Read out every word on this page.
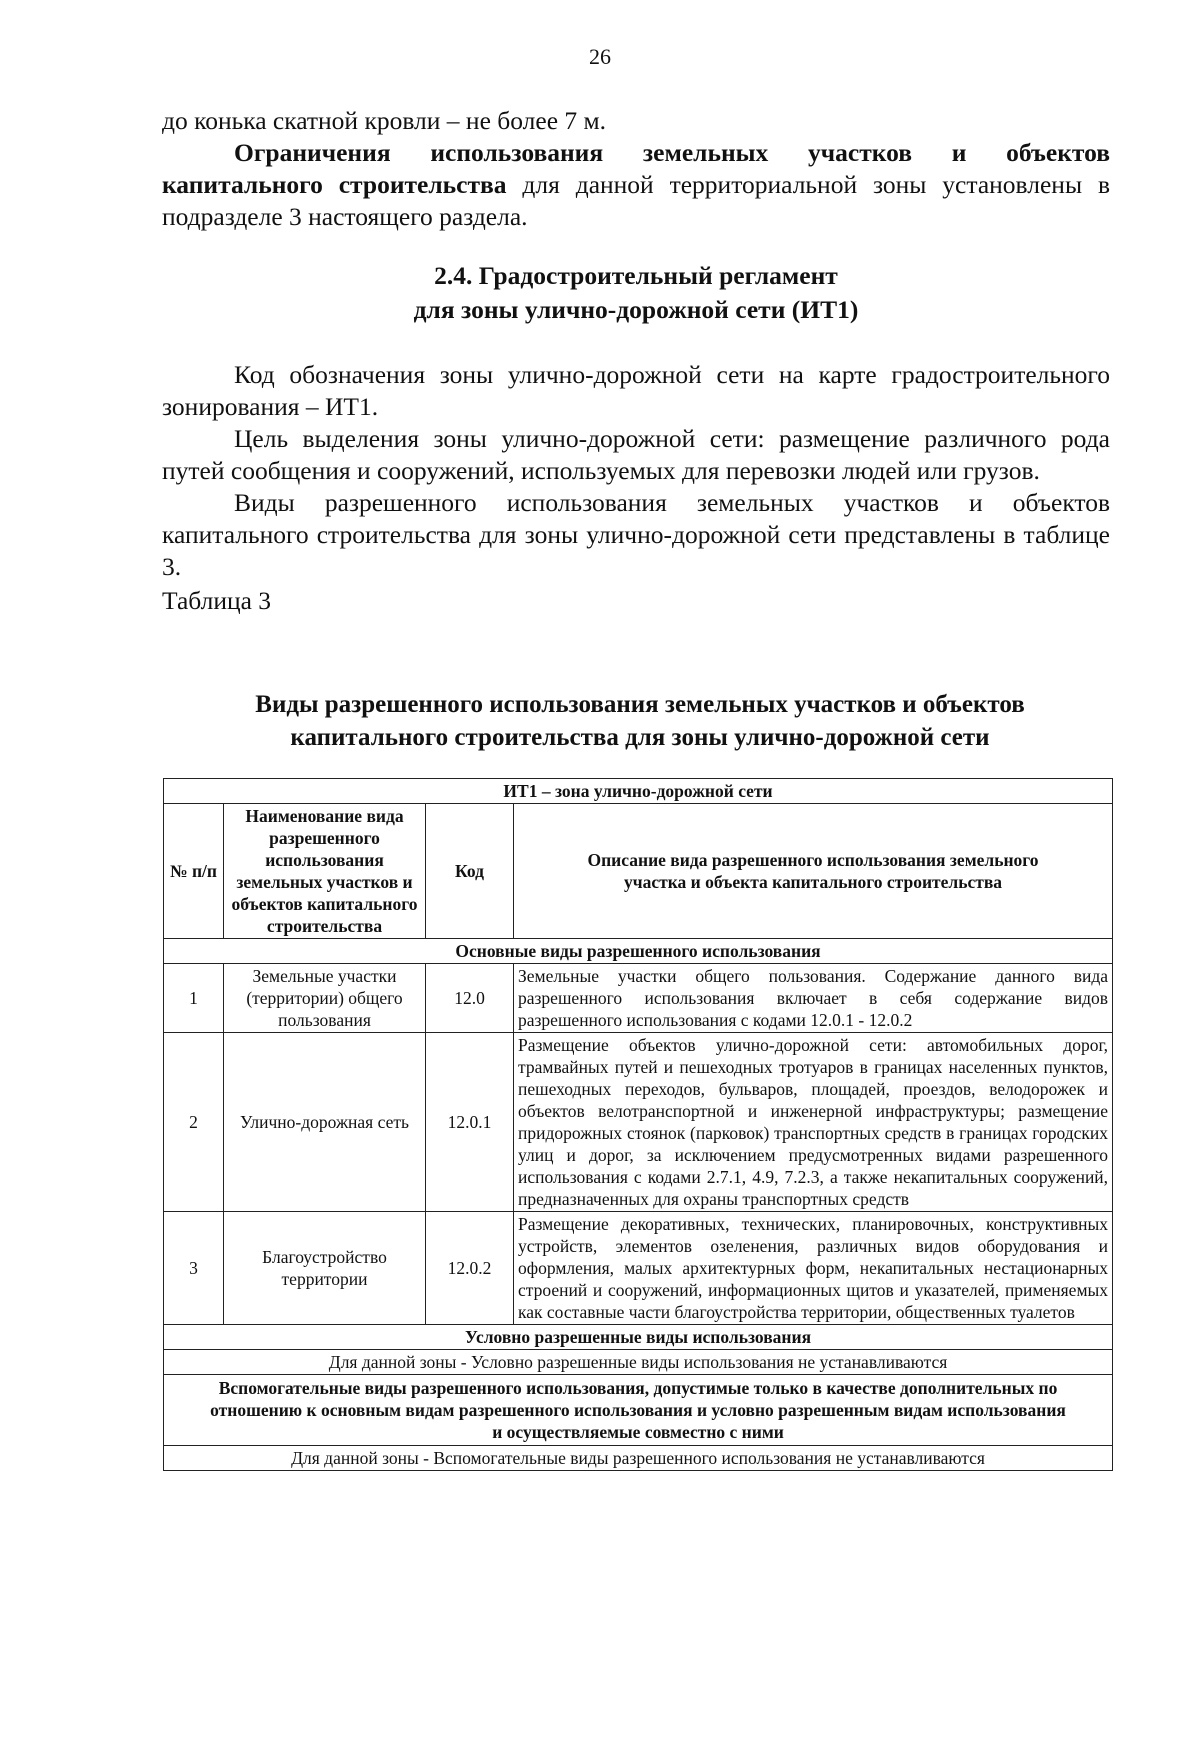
26

до конька скатной кровли – не более 7 м.

Ограничения использования земельных участков и объектов капитального строительства для данной территориальной зоны установлены в подразделе 3 настоящего раздела.

2.4. Градостроительный регламент
для зоны улично-дорожной сети (ИТ1)

Код обозначения зоны улично-дорожной сети на карте градостроительного зонирования – ИТ1.

Цель выделения зоны улично-дорожной сети: размещение различного рода путей сообщения и сооружений, используемых для перевозки людей или грузов.

Виды разрешенного использования земельных участков и объектов капитального строительства для зоны улично-дорожной сети представлены в таблице 3.

Таблица 3

Виды разрешенного использования земельных участков и объектов
капитального строительства для зоны улично-дорожной сети
ИТ1 – зона улично-дорожной сети			
№ п/п	Наименование вида разрешенного использования земельных участков и объектов капитального строительства	Код	Описание вида разрешенного использования земельного участка и объекта капитального строительства
Основные виды разрешенного использования			
1	Земельные участки (территории) общего пользования	12.0	Земельные участки общего пользования. Содержание данного вида разрешенного использования включает в себя содержание видов разрешенного использования с кодами 12.0.1 - 12.0.2
2	Улично-дорожная сеть	12.0.1	Размещение объектов улично-дорожной сети: автомобильных дорог, трамвайных путей и пешеходных тротуаров в границах населенных пунктов, пешеходных переходов, бульваров, площадей, проездов, велодорожек и объектов велотранспортной и инженерной инфраструктуры; размещение придорожных стоянок (парковок) транспортных средств в границах городских улиц и дорог, за исключением предусмотренных видами разрешенного использования с кодами 2.7.1, 4.9, 7.2.3, а также некапитальных сооружений, предназначенных для охраны транспортных средств
3	Благоустройство территории	12.0.2	Размещение декоративных, технических, планировочных, конструктивных устройств, элементов озеленения, различных видов оборудования и оформления, малых архитектурных форм, некапитальных нестационарных строений и сооружений, информационных щитов и указателей, применяемых как составные части благоустройства территории, общественных туалетов
Условно разрешенные виды использования			
Для данной зоны - Условно разрешенные виды использования не устанавливаются			
Вспомогательные виды разрешенного использования, допустимые только в качестве дополнительных по отношению к основным видам разрешенного использования и условно разрешенным видам использования и осуществляемые совместно с ними			
Для данной зоны - Вспомогательные виды разрешенного использования не устанавливаются			
